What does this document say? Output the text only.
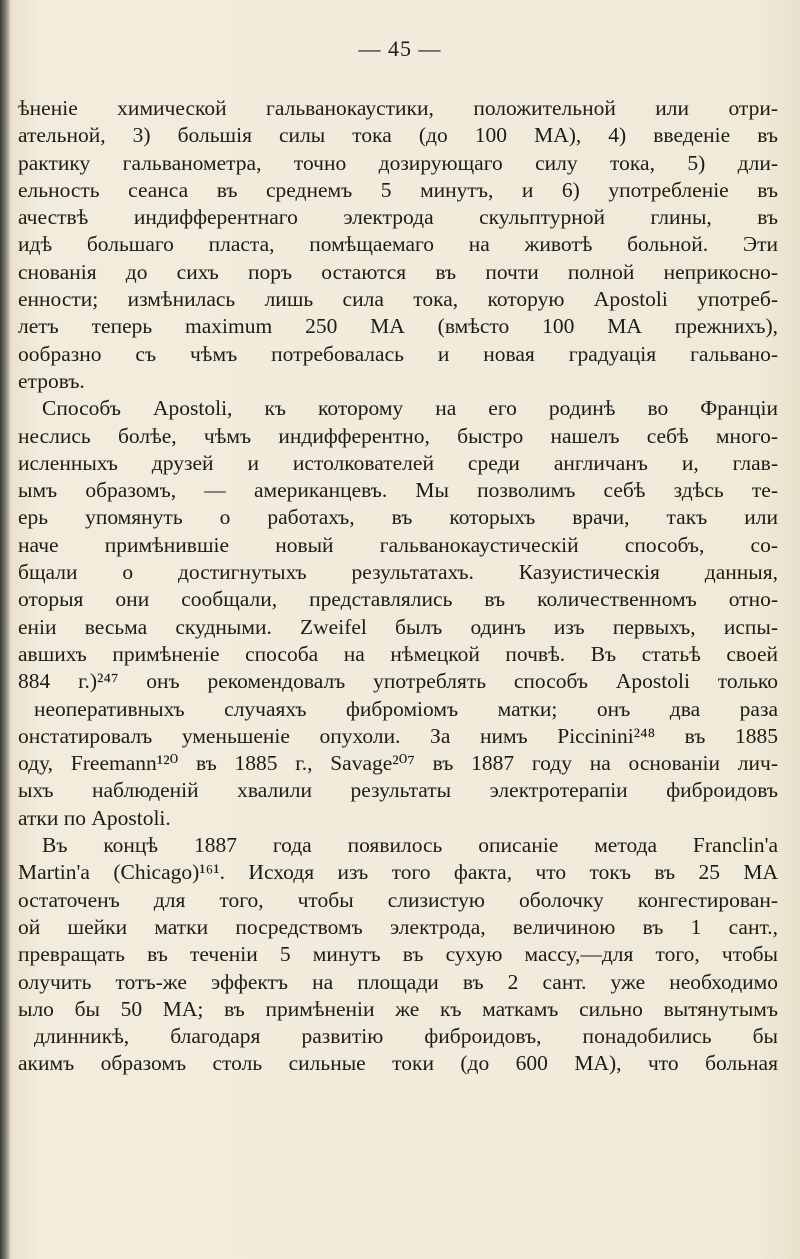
— 45 —
ѣненіе химической гальванокаустики, положительной или отри-
ательной, 3) большія силы тока (до 100 МА), 4) введеніе въ
рактику гальванометра, точно дозирующаго силу тока, 5) дли-
ельность сеанса въ среднемъ 5 минутъ, и 6) употребленіе въ
ачествѣ индифферентнаго электрода скульптурной глины, въ
идѣ большаго пласта, помѣщаемаго на животѣ больной. Эти
снованія до сихъ поръ остаются въ почти полной неприкосно-
енности; измѣнилась лишь сила тока, которую Apostoli употреб-
летъ теперь maximum 250 МА (вмѣсто 100 МА прежнихъ),
ообразно съ чѣмъ потребовалась и новая градуація гальвано-
етровъ.
Способъ Apostoli, къ которому на его родинѣ во Франціи
неслись болѣе, чѣмъ индифферентно, быстро нашелъ себѣ много-
исленныхъ друзей и истолкователей среди англичанъ и, глав-
ымъ образомъ, — американцевъ. Мы позволимъ себѣ здѣсь те-
ерь упомянуть о работахъ, въ которыхъ врачи, такъ или
наче примѣнившіе новый гальванокаустическій способъ, со-
бщали о достигнутыхъ результатахъ. Казуистическія данныя,
оторыя они сообщали, представлялись въ количественномъ отно-
еніи весьма скудными. Zweifel былъ одинъ изъ первыхъ, испы-
авшихъ примѣненіе способа на нѣмецкой почвѣ. Въ статьѣ своей
884 г.)²⁴⁷ онъ рекомендовалъ употреблять способъ Apostoli только
неоперативныхъ случаяхъ фиброміомъ матки; онъ два раза
онстатировалъ уменьшеніе опухоли. За нимъ Piccinini²⁴⁸ въ 1885
оду, Freemann¹²⁰ въ 1885 г., Savage²⁰⁷ въ 1887 году на основаніи лич-
ыхъ наблюденій хвалили результаты электротерапіи фиброидовъ
атки по Apostoli.
Въ концѣ 1887 года появилось описаніе метода Franclin'a
Martin'a (Chicago)¹⁶¹. Исходя изъ того факта, что токъ въ 25 МА
остаточенъ для того, чтобы слизистую оболочку конгестирован-
ой шейки матки посредствомъ электрода, величиною въ 1 сант.,
превращать въ теченіи 5 минутъ въ сухую массу,—для того, чтобы
олучить тотъ-же эффектъ на площади въ 2 сант. уже необходимо
ыло бы 50 МА; въ примѣненіи же къ маткамъ сильно вытянутымъ
длинникѣ, благодаря развитію фиброидовъ, понадобились бы
акимъ образомъ столь сильные токи (до 600 МА), что больная
